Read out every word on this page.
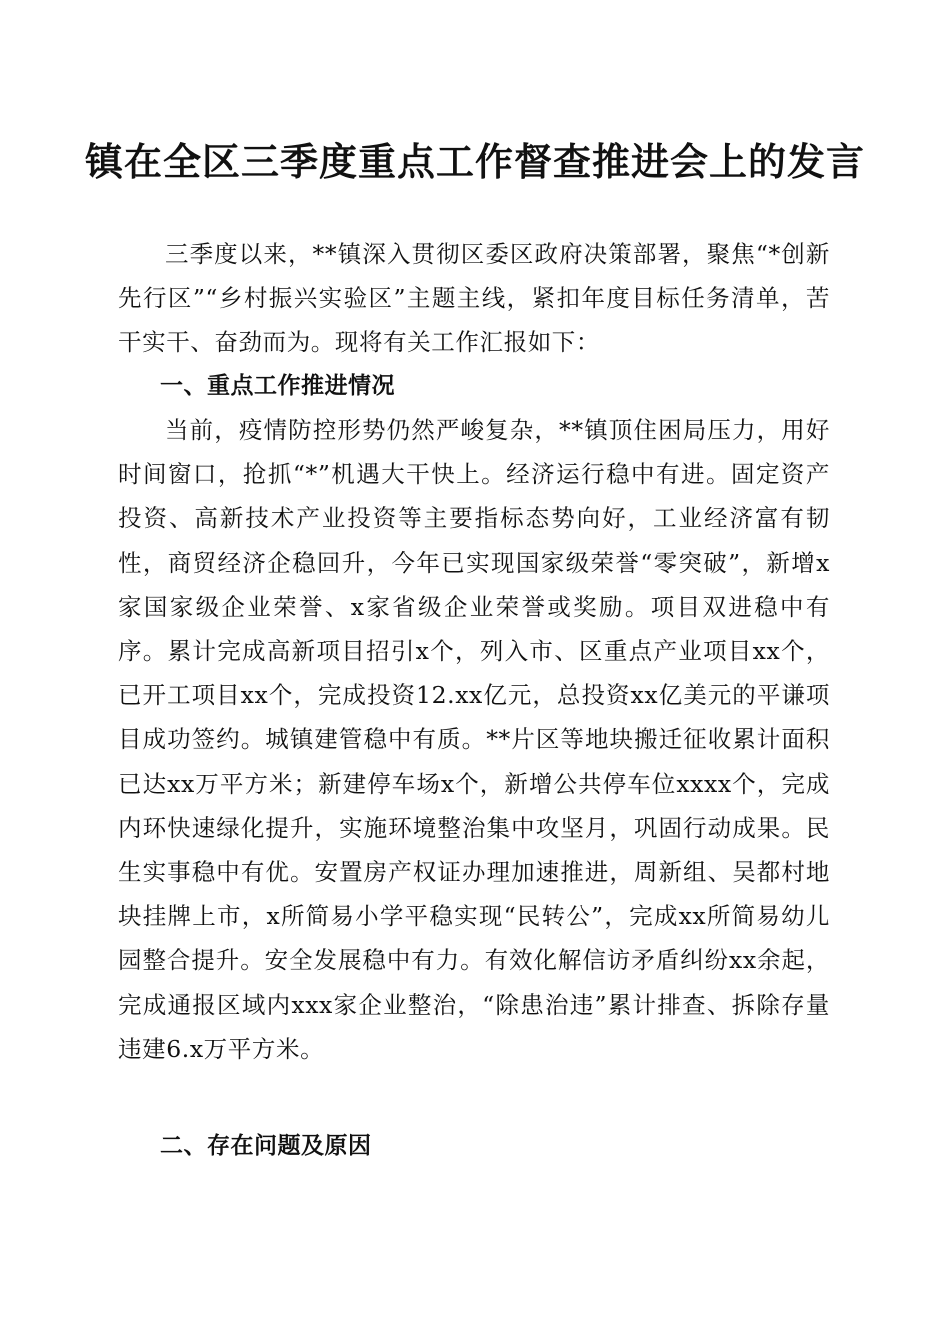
镇在全区三季度重点工作督查推进会上的发言

三季度以来，**镇深入贯彻区委区政府决策部署，聚焦“*创新先行区”“乡村振兴实验区”主题主线，紧扣年度目标任务清单，苦干实干、奋劲而为。现将有关工作汇报如下：

一、重点工作推进情况

当前，疫情防控形势仍然严峻复杂，**镇顶住困局压力，用好时间窗口，抢抓“*”机遇大干快上。经济运行稳中有进。固定资产投资、高新技术产业投资等主要指标态势向好，工业经济富有韧性，商贸经济企稳回升，今年已实现国家级荣誉“零突破”，新增x家国家级企业荣誉、x家省级企业荣誉或奖励。项目双进稳中有序。累计完成高新项目招引x个，列入市、区重点产业项目xx个，已开工项目xx个，完成投资12.xx亿元，总投资xx亿美元的平谦项目成功签约。城镇建管稳中有质。**片区等地块搬迁征收累计面积已达xx万平方米；新建停车场x个，新增公共停车位xxxx个，完成内环快速绿化提升，实施环境整治集中攻坚月，巩固行动成果。民生实事稳中有优。安置房产权证办理加速推进，周新组、吴都村地块挂牌上市，x所简易小学平稳实现“民转公”，完成xx所简易幼儿园整合提升。安全发展稳中有力。有效化解信访矛盾纠纷xx余起，完成通报区域内xxx家企业整治，“除患治违”累计排查、拆除存量违建6.x万平方米。

二、存在问题及原因
